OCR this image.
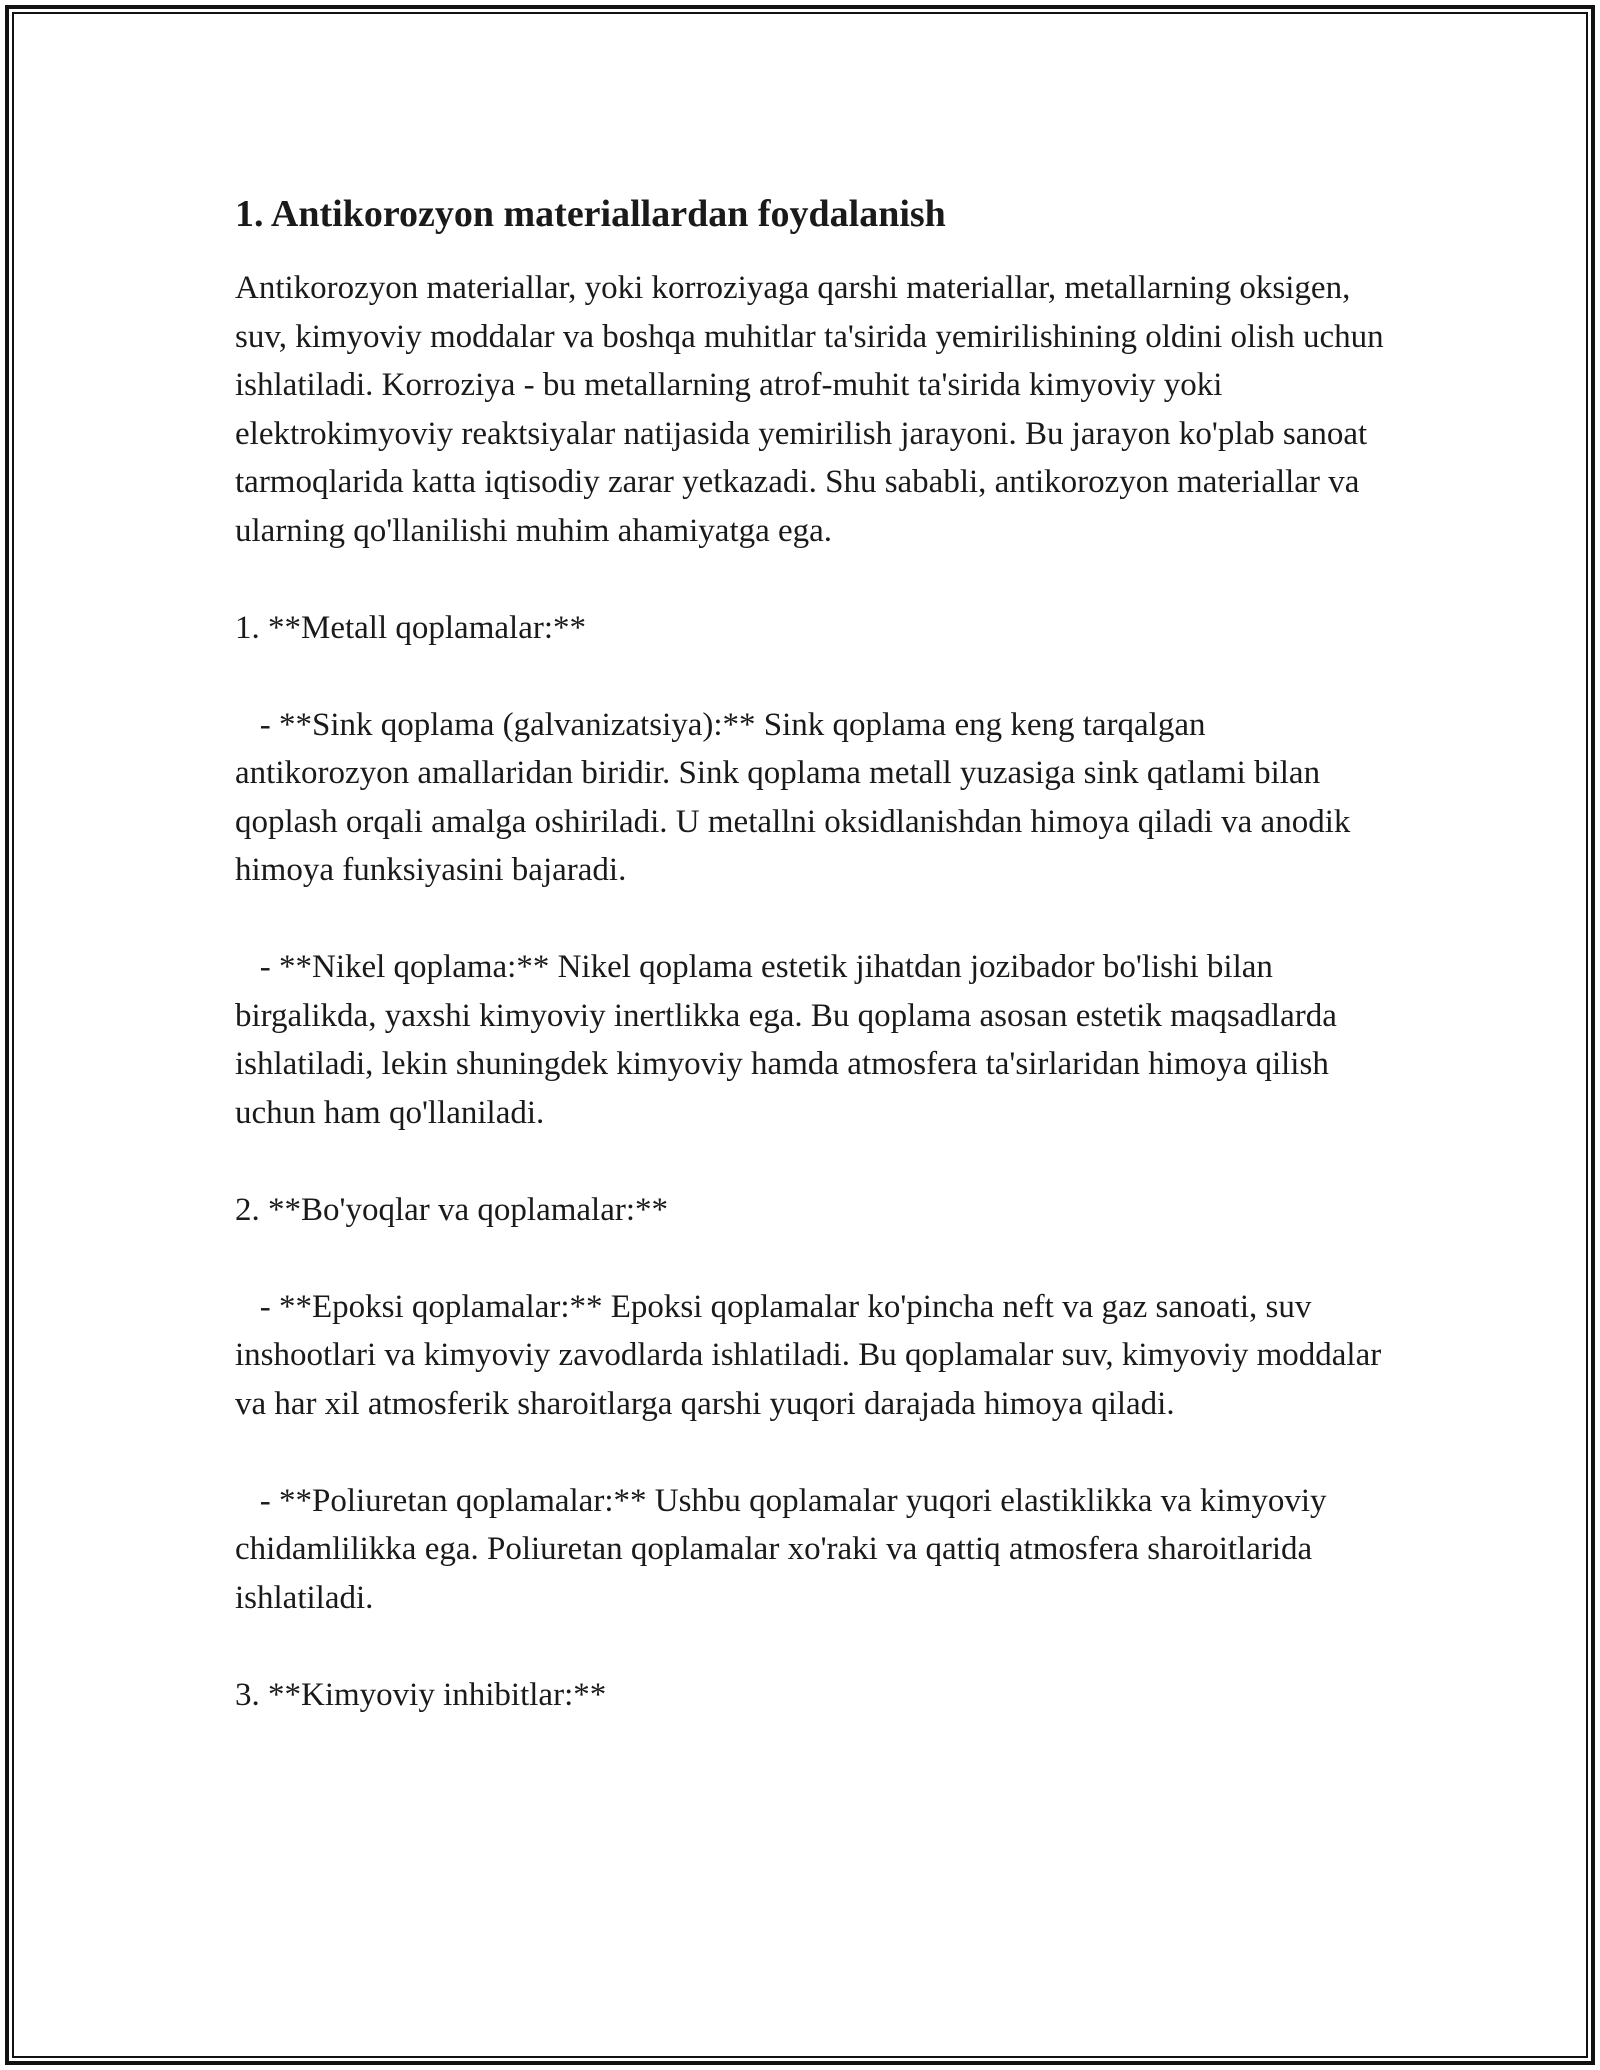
1. Antikorozyon materiallardan foydalanish

Antikorozyon materiallar, yoki korroziyaga qarshi materiallar, metallarning oksigen, suv, kimyoviy moddalar va boshqa muhitlar ta'sirida yemirilishining oldini olish uchun ishlatiladi. Korroziya - bu metallarning atrof-muhit ta'sirida kimyoviy yoki elektrokimyoviy reaktsiyalar natijasida yemirilish jarayoni. Bu jarayon ko'plab sanoat tarmoqlarida katta iqtisodiy zarar yetkazadi. Shu sababli, antikorozyon materiallar va ularning qo'llanilishi muhim ahamiyatga ega.

1. **Metall qoplamalar:**

- **Sink qoplama (galvanizatsiya):** Sink qoplama eng keng tarqalgan antikorozyon amallaridan biridir. Sink qoplama metall yuzasiga sink qatlami bilan qoplash orqali amalga oshiriladi. U metallni oksidlanishdan himoya qiladi va anodik himoya funksiyasini bajaradi.

- **Nikel qoplama:** Nikel qoplama estetik jihatdan jozibador bo'lishi bilan birgalikda, yaxshi kimyoviy inertlikka ega. Bu qoplama asosan estetik maqsadlarda ishlatiladi, lekin shuningdek kimyoviy hamda atmosfera ta'sirlaridan himoya qilish uchun ham qo'llaniladi.

2. **Bo'yoqlar va qoplamalar:**

- **Epoksi qoplamalar:** Epoksi qoplamalar ko'pincha neft va gaz sanoati, suv inshootlari va kimyoviy zavodlarda ishlatiladi. Bu qoplamalar suv, kimyoviy moddalar va har xil atmosferik sharoitlarga qarshi yuqori darajada himoya qiladi.

- **Poliuretan qoplamalar:** Ushbu qoplamalar yuqori elastiklikka va kimyoviy chidamlilikka ega. Poliuretan qoplamalar xo'raki va qattiq atmosfera sharoitlarida ishlatiladi.

3. **Kimyoviy inhibitlar:**
